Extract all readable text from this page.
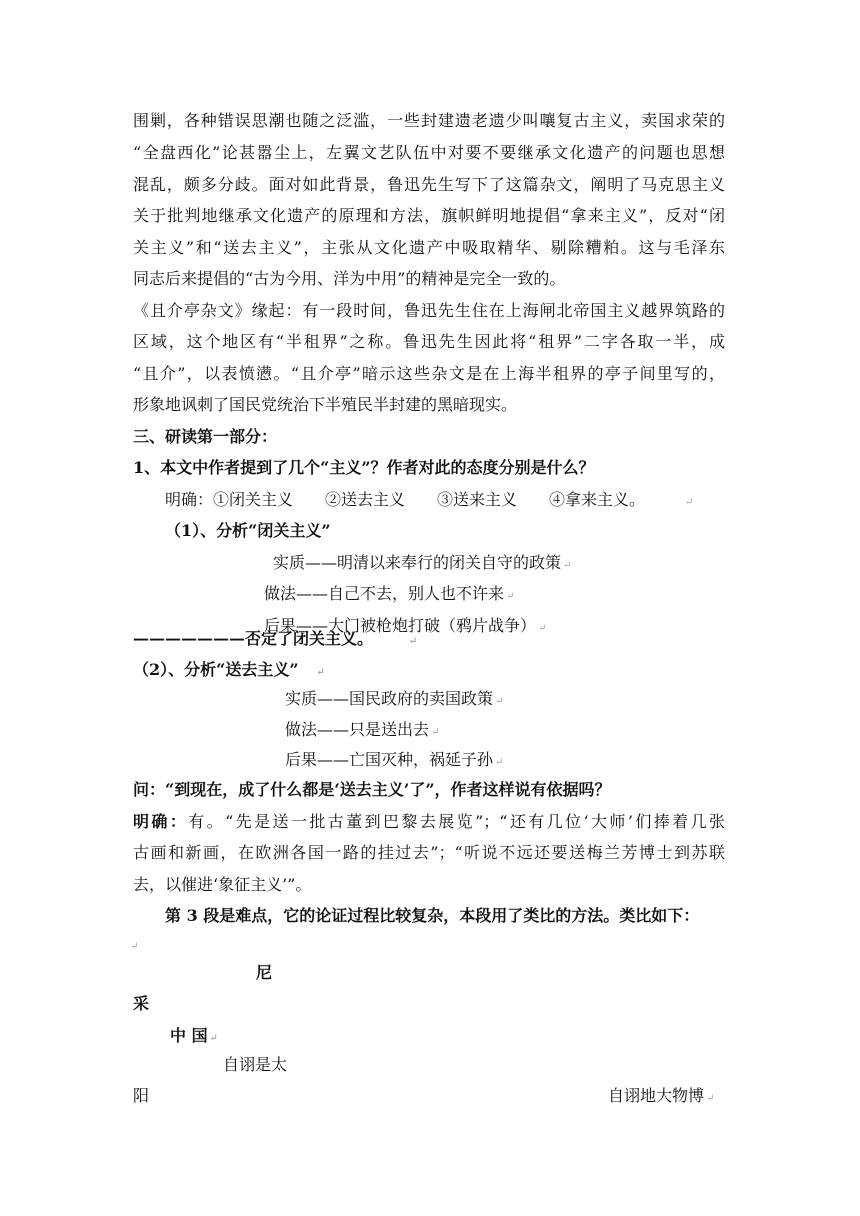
围剿，各种错误思潮也随之泛滥，一些封建遗老遗少叫嚷复古主义，卖国求荣的
“全盘西化”论甚嚣尘上，左翼文艺队伍中对要不要继承文化遗产的问题也思想
混乱，颇多分歧。面对如此背景，鲁迅先生写下了这篇杂文，阐明了马克思主义
关于批判地继承文化遗产的原理和方法，旗帜鲜明地提倡“拿来主义”，反对“闭
关主义”和“送去主义”，主张从文化遗产中吸取精华、剔除糟粕。这与毛泽东
同志后来提倡的“古为今用、洋为中用”的精神是完全一致的。
《且介亭杂文》缘起：有一段时间，鲁迅先生住在上海闸北帝国主义越界筑路的
区域，这个地区有“半租界”之称。鲁迅先生因此将“租界”二字各取一半，成
“且介”，以表愤懑。“且介亭”暗示这些杂文是在上海半租界的亭子间里写的，
形象地讽刺了国民党统治下半殖民半封建的黑暗现实。
三、研读第一部分：
1、本文中作者提到了几个“主义”？作者对此的态度分别是什么？
明确：①闭关主义　　②送去主义　　③送来主义　　④拿来主义。	↵
（1）、分析“闭关主义”
实质——明清以来奉行的闭关自守的政策 ↵
做法——自己不去，别人也不许来 ↵
后果——大门被枪炮打破（鸦片战争） ↵
———————否定了闭关主义。	↵
（2）、分析“送去主义” ↵
实质——国民政府的卖国政策 ↵
做法——只是送出去 ↵
后果——亡国灭种，祸延子孙 ↵
问：“到现在，成了什么都是‘送去主义’了”，作者这样说有依据吗？
明确：有。“先是送一批古董到巴黎去展览”；“还有几位‘大师’们捧着几张
古画和新画，在欧洲各国一路的挂过去”；“听说不远还要送梅兰芳博士到苏联
去，以催进‘象征主义’”。
第 3 段是难点，它的论证过程比较复杂，本段用了类比的方法。类比如下：
↵
尼
采
中 国 ↵
自诩是太
阳	自诩地大物博 ↵
